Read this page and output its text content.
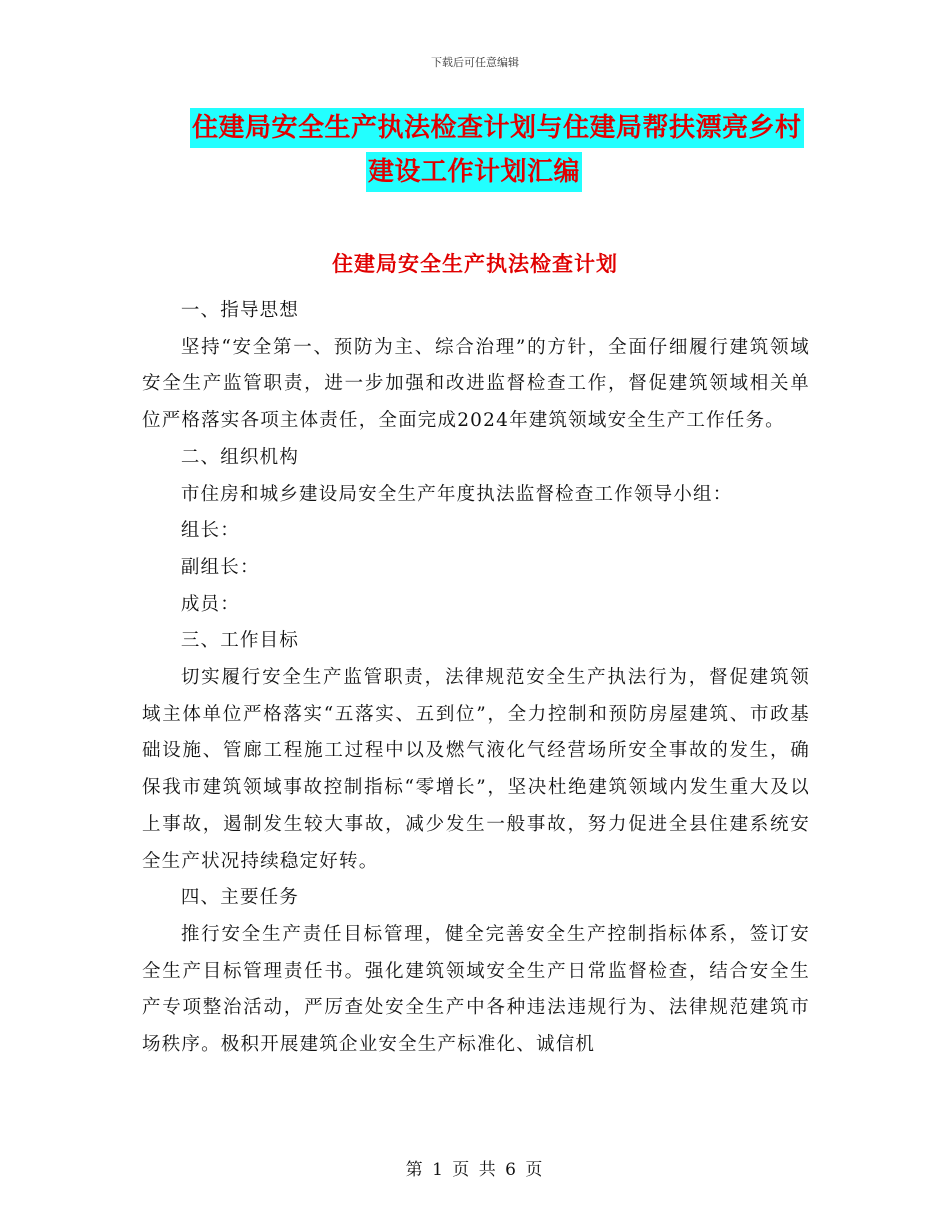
下载后可任意编辑
住建局安全生产执法检查计划与住建局帮扶漂亮乡村
建设工作计划汇编
住建局安全生产执法检查计划

一、指导思想

坚持“安全第一、预防为主、综合治理”的方针，全面仔细履行建筑领域安全生产监管职责，进一步加强和改进监督检查工作，督促建筑领域相关单位严格落实各项主体责任，全面完成2024年建筑领域安全生产工作任务。

二、组织机构

市住房和城乡建设局安全生产年度执法监督检查工作领导小组：

组长：

副组长：

成员：

三、工作目标

切实履行安全生产监管职责，法律规范安全生产执法行为，督促建筑领域主体单位严格落实“五落实、五到位”，全力控制和预防房屋建筑、市政基础设施、管廊工程施工过程中以及燃气液化气经营场所安全事故的发生，确保我市建筑领域事故控制指标“零增长”，坚决杜绝建筑领域内发生重大及以上事故，遏制发生较大事故，减少发生一般事故，努力促进全县住建系统安全生产状况持续稳定好转。

四、主要任务

推行安全生产责任目标管理，健全完善安全生产控制指标体系，签订安全生产目标管理责任书。强化建筑领域安全生产日常监督检查，结合安全生产专项整治活动，严厉查处安全生产中各种违法违规行为、法律规范建筑市场秩序。极积开展建筑企业安全生产标准化、诚信机

第 1 页 共 6 页
